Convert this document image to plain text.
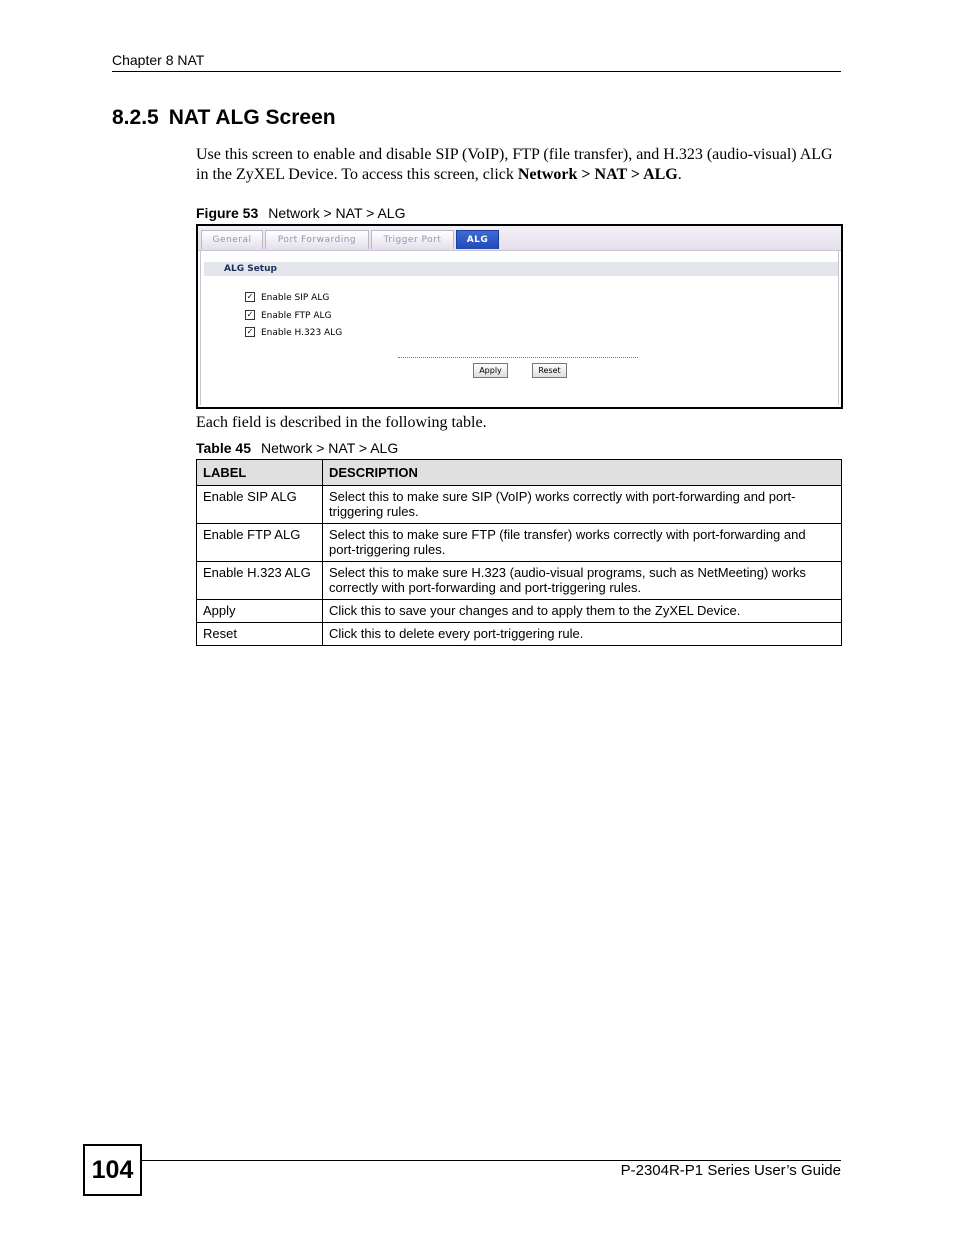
Chapter 8 NAT
8.2.5 NAT ALG Screen
Use this screen to enable and disable SIP (VoIP), FTP (file transfer), and H.323 (audio-visual) ALG in the ZyXEL Device. To access this screen, click Network > NAT > ALG.
Figure 53 Network > NAT > ALG
General	Port Forwarding	Trigger Port	ALG
ALG Setup
✓ Enable SIP ALG
✓ Enable FTP ALG
✓ Enable H.323 ALG
Apply	Reset
Each field is described in the following table.
Table 45 Network > NAT > ALG
LABEL	DESCRIPTION
Enable SIP ALG	Select this to make sure SIP (VoIP) works correctly with port-forwarding and port-triggering rules.
Enable FTP ALG	Select this to make sure FTP (file transfer) works correctly with port-forwarding and port-triggering rules.
Enable H.323 ALG	Select this to make sure H.323 (audio-visual programs, such as NetMeeting) works correctly with port-forwarding and port-triggering rules.
Apply	Click this to save your changes and to apply them to the ZyXEL Device.
Reset	Click this to delete every port-triggering rule.
104	P-2304R-P1 Series User’s Guide
